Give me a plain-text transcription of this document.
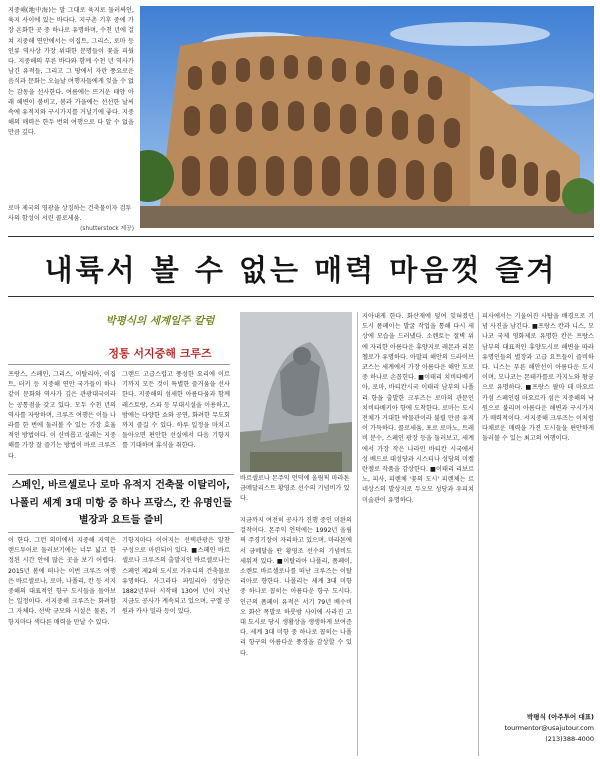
지중해(地中海)는 말 그대로 육지로 둘러싸인, 육지 사이에 있는 바다다. 지구촌 기후 중에 가장 온화한 곳 중 하나로 유명하며, 수천 년에 걸쳐 지중해 연안에서는 이집트, 그리스, 로마 등 인류 역사상 가장 위대한 문명들이 꽃을 피웠다. 지중해의 푸른 바다와 함께 수천 년 역사가 남긴 유적들, 그리고 그 땅에서 자란 풍요로운 음식과 문화는 오늘날 여행자들에게 잊을 수 없는 감동을 선사한다. 여름에는 뜨거운 태양 아래 해변이 붐비고, 봄과 가을에는 선선한 날씨 속에 유적지와 구시가지를 거닐기에 좋다. 지중해의 매력은 한두 번의 여행으로 다 알 수 없을 만큼 깊다.
로마 제국의 영광을 상징하는 건축물이자 검투사의 함성이 서린 콜로세움.
(shutterstock 제공)
내륙서 볼 수 없는 매력 마음껏 즐겨
박평식의 세계일주 칼럼
정통 서지중해 크루즈
프랑스, 스페인, 그리스, 이탈리아, 이집트, 터키 등 지중해 연안 국가들이 하나같이 문화와 역사가 깊은 관광대국이라는 공통점을 갖고 있다. 모두 수천 년의 역사를 자랑하며, 크루즈 여행은 이들 나라를 한 번에 둘러볼 수 있는 가장 효율적인 방법이다. 이 신비롭고 설레는 지중해를 가장 잘 즐기는 방법이 바로 크루즈다.
그랜드 고급스럽고 풍성한 요리에 이르기까지 모든 것이 특별한 즐거움을 선사한다. 지중해의 섬세한 아름다움과 함께 레스토랑, 스파 등 부대시설을 이용하고, 밤에는 다양한 쇼와 공연, 화려한 무도회까지 즐길 수 있다. 하루 일정을 마치고 돌아오면 편안한 선실에서 다음 기항지를 기대하며 휴식을 취한다.
스페인, 바르셀로나 로마 유적지 건축물 이탈리아, 나폴리 세계 3대 미항 중 하나 프랑스, 칸 유명인들 별장과 요트들 즐비
이 한다. 그런 의미에서 지중해 지역은 랜드투어로 둘러보기에는 너무 넓고 한정된 시간 안에 많은 곳을 보기 어렵다. 2015년 봄에 떠나는 이번 크루즈 여행은 바르셀로나, 로마, 나폴리, 칸 등 서지중해의 대표적인 항구 도시들을 돌아보는 일정이다. 서지중해 크루즈는 화려함 그 자체다. 선박 규모와 시설은 물론, 기항지마다 색다른 매력을 만날 수 있다.
기항지마다 이어지는 선택관광은 알찬 구성으로 마련되어 있다. ■스페인 바르셀로나 크루즈의 출발지인 바르셀로나는 스페인 제2의 도시로 가우디의 건축물로 유명하다. 사그라다 파밀리아 성당은 1882년부터 시작해 130여 년이 지난 지금도 공사가 계속되고 있으며, 구엘 공원과 카사 밀라 등이 있다.
바르셀로나 몬주익 언덕에 올림픽 마라톤 금메달리스트 황영조 선수의 기념비가 있다.
지금까지 여전히 공사가 진행 중인 미완의 걸작이다. 몬주익 언덕에는 1992년 올림픽 주경기장이 자리하고 있으며, 마라톤에서 금메달을 딴 황영조 선수의 기념비도 세워져 있다. ■이탈리아 나폴리, 폼페이, 소렌토 바르셀로나를 떠난 크루즈는 이탈리아로 향한다. 나폴리는 세계 3대 미항 중 하나로 꼽히는 아름다운 항구 도시다. 인근의 폼페이 유적은 서기 79년 베수비오 화산 폭발로 하룻밤 사이에 사라진 고대 도시로 당시 생활상을 생생하게 보여준다. 세계 3대 미항 중 하나로 꼽히는 나폴리 항구의 아름다운 풍경을 감상할 수 있다.
지아내게 한다. 화산재에 덮여 잊혀졌던 도시 폼페이는 발굴 작업을 통해 다시 세상에 모습을 드러냈다. 소렌토는 절벽 위에 자리한 아름다운 휴양지로 레몬과 리몬첼로가 유명하다. 아말피 해안의 드라이브 코스는 세계에서 가장 아름다운 해안 도로 중 하나로 손꼽힌다. ■이태리 치비타베키아, 로마, 바티칸시국 이태리 남부의 나폴리 항을 출발한 크루즈는 로마의 관문인 치비타베키아 항에 도착한다. 로마는 도시 전체가 거대한 박물관이라 불릴 만큼 유적이 가득하다. 콜로세움, 포로 로마노, 트레비 분수, 스페인 광장 등을 둘러보고, 세계에서 가장 작은 나라인 바티칸 시국에서 성 베드로 대성당과 시스티나 성당의 미켈란젤로 작품을 감상한다. ■이태리 리보르노, 피사, 피렌체 '꽃의 도시' 피렌체는 르네상스의 발상지로 두오모 성당과 우피치 미술관이 유명하다.
피사에서는 기울어진 사탑을 배경으로 기념 사진을 남긴다. ■프랑스 칸과 니스, 모나코 국제 영화제로 유명한 칸은 프랑스 남부의 대표적인 휴양도시로 해변을 따라 유명인들의 별장과 고급 요트들이 즐비하다. 니스는 푸른 해안선이 아름다운 도시이며, 모나코는 몬테카를로 카지노와 왕궁으로 유명하다. ■프랑스 팔마 데 마요르카섬 스페인령 마요르카 섬은 지중해의 낙원으로 불리며 아름다운 해변과 구시가지가 매력적이다. 서지중해 크루즈는 이처럼 다채로운 매력을 가진 도시들을 편안하게 둘러볼 수 있는 최고의 여행이다.
박평식 (아주투어 대표)
tourmentor@usajutour.com
(213)388-4000
